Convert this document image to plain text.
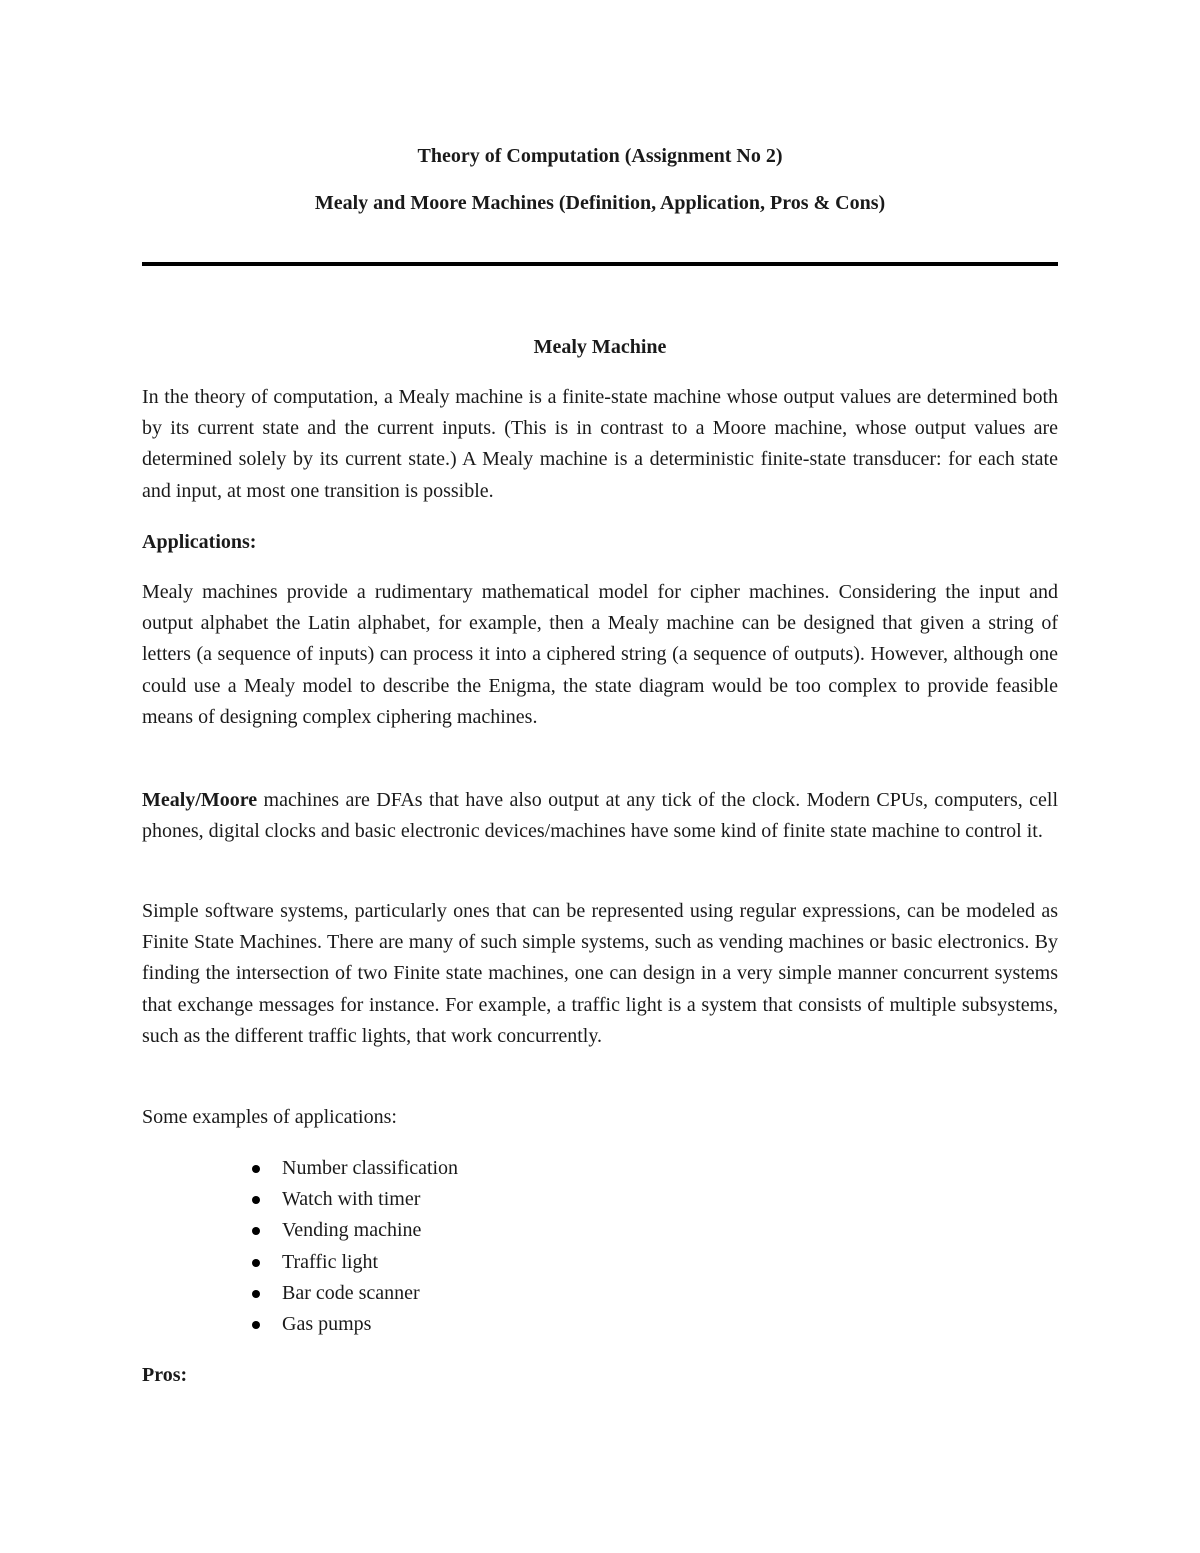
Theory of Computation (Assignment No 2)
Mealy and Moore Machines (Definition, Application, Pros & Cons)
Mealy Machine

In the theory of computation, a Mealy machine is a finite-state machine whose output values are determined both by its current state and the current inputs. (This is in contrast to a Moore machine, whose output values are determined solely by its current state.) A Mealy machine is a deterministic finite-state transducer: for each state and input, at most one transition is possible.

Applications:

Mealy machines provide a rudimentary mathematical model for cipher machines. Considering the input and output alphabet the Latin alphabet, for example, then a Mealy machine can be designed that given a string of letters (a sequence of inputs) can process it into a ciphered string (a sequence of outputs). However, although one could use a Mealy model to describe the Enigma, the state diagram would be too complex to provide feasible means of designing complex ciphering machines.

Mealy/Moore machines are DFAs that have also output at any tick of the clock. Modern CPUs, computers, cell phones, digital clocks and basic electronic devices/machines have some kind of finite state machine to control it.

Simple software systems, particularly ones that can be represented using regular expressions, can be modeled as Finite State Machines. There are many of such simple systems, such as vending machines or basic electronics. By finding the intersection of two Finite state machines, one can design in a very simple manner concurrent systems that exchange messages for instance. For example, a traffic light is a system that consists of multiple subsystems, such as the different traffic lights, that work concurrently.

Some examples of applications:

Number classification
Watch with timer
Vending machine
Traffic light
Bar code scanner
Gas pumps

Pros:
